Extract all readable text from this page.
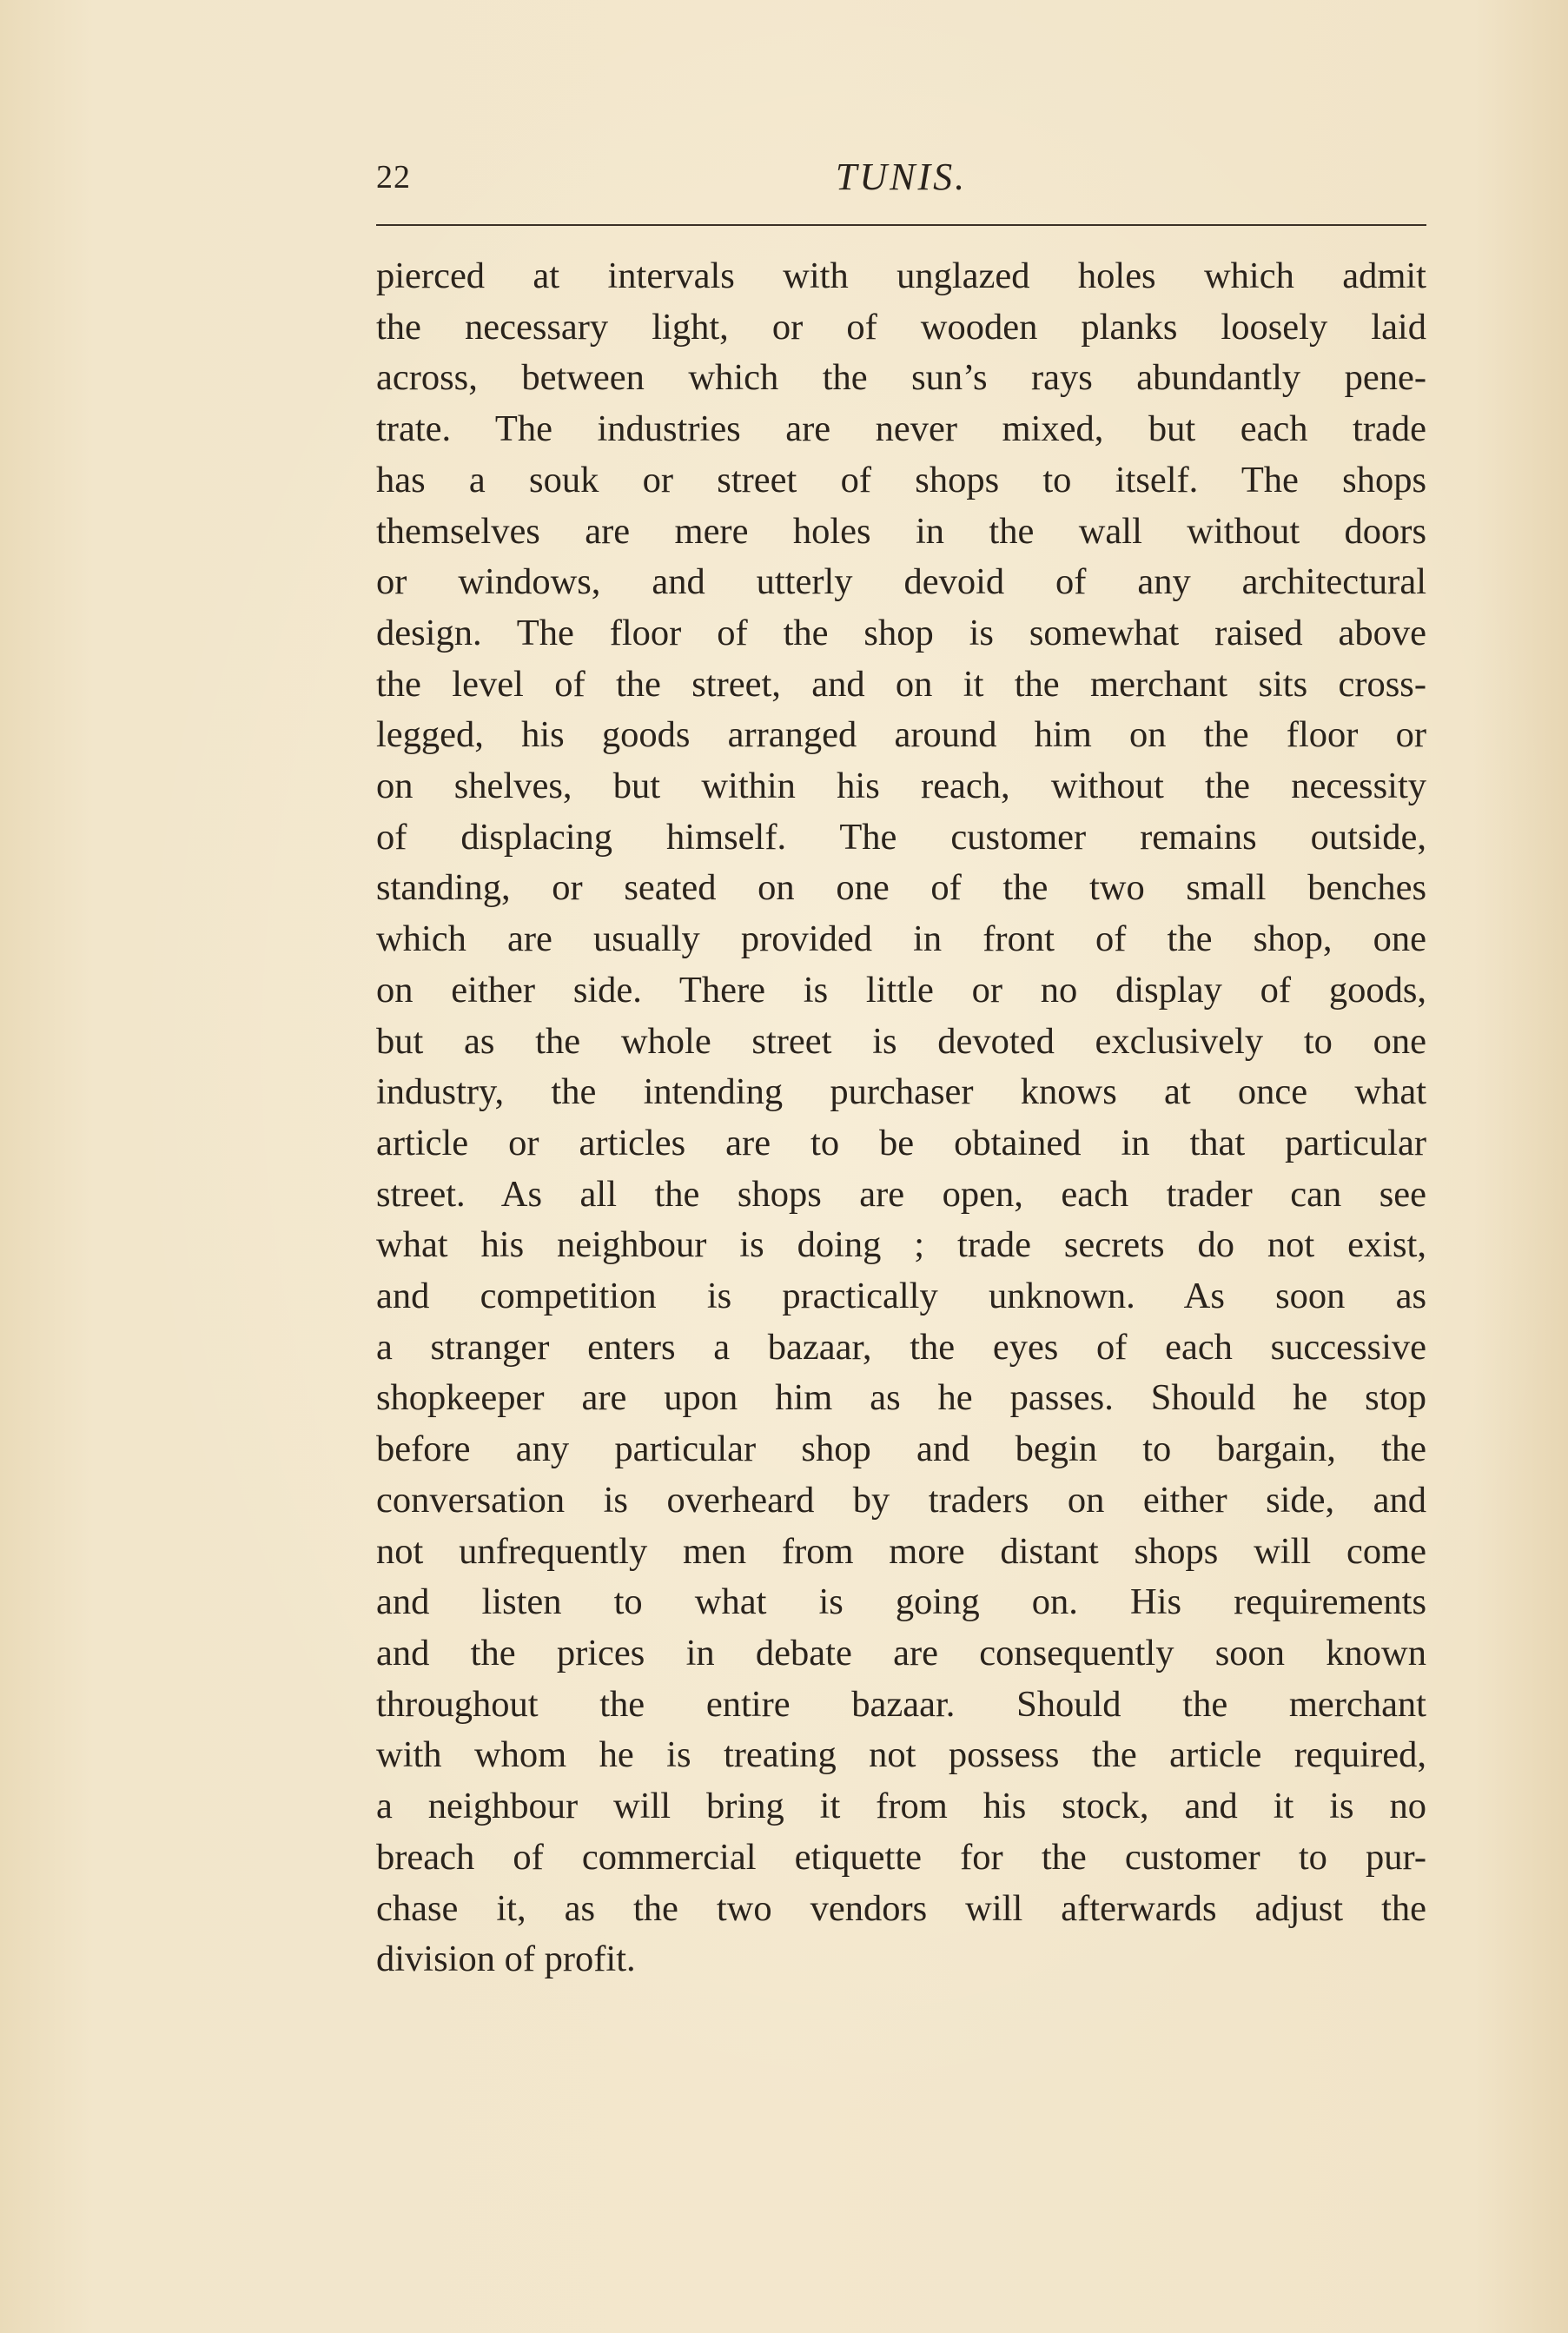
22	TUNIS.
pierced at intervals with unglazed holes which admit
the necessary light, or of wooden planks loosely laid
across, between which the sun’s rays abundantly pene-
trate. The industries are never mixed, but each trade
has a souk or street of shops to itself. The shops
themselves are mere holes in the wall without doors
or windows, and utterly devoid of any architectural
design. The floor of the shop is somewhat raised above
the level of the street, and on it the merchant sits cross-
legged, his goods arranged around him on the floor or
on shelves, but within his reach, without the necessity
of displacing himself. The customer remains outside,
standing, or seated on one of the two small benches
which are usually provided in front of the shop, one
on either side. There is little or no display of goods,
but as the whole street is devoted exclusively to one
industry, the intending purchaser knows at once what
article or articles are to be obtained in that particular
street. As all the shops are open, each trader can see
what his neighbour is doing ; trade secrets do not exist,
and competition is practically unknown. As soon as
a stranger enters a bazaar, the eyes of each successive
shopkeeper are upon him as he passes. Should he stop
before any particular shop and begin to bargain, the
conversation is overheard by traders on either side, and
not unfrequently men from more distant shops will come
and listen to what is going on. His requirements
and the prices in debate are consequently soon known
throughout the entire bazaar. Should the merchant
with whom he is treating not possess the article required,
a neighbour will bring it from his stock, and it is no
breach of commercial etiquette for the customer to pur-
chase it, as the two vendors will afterwards adjust the
division of profit.
